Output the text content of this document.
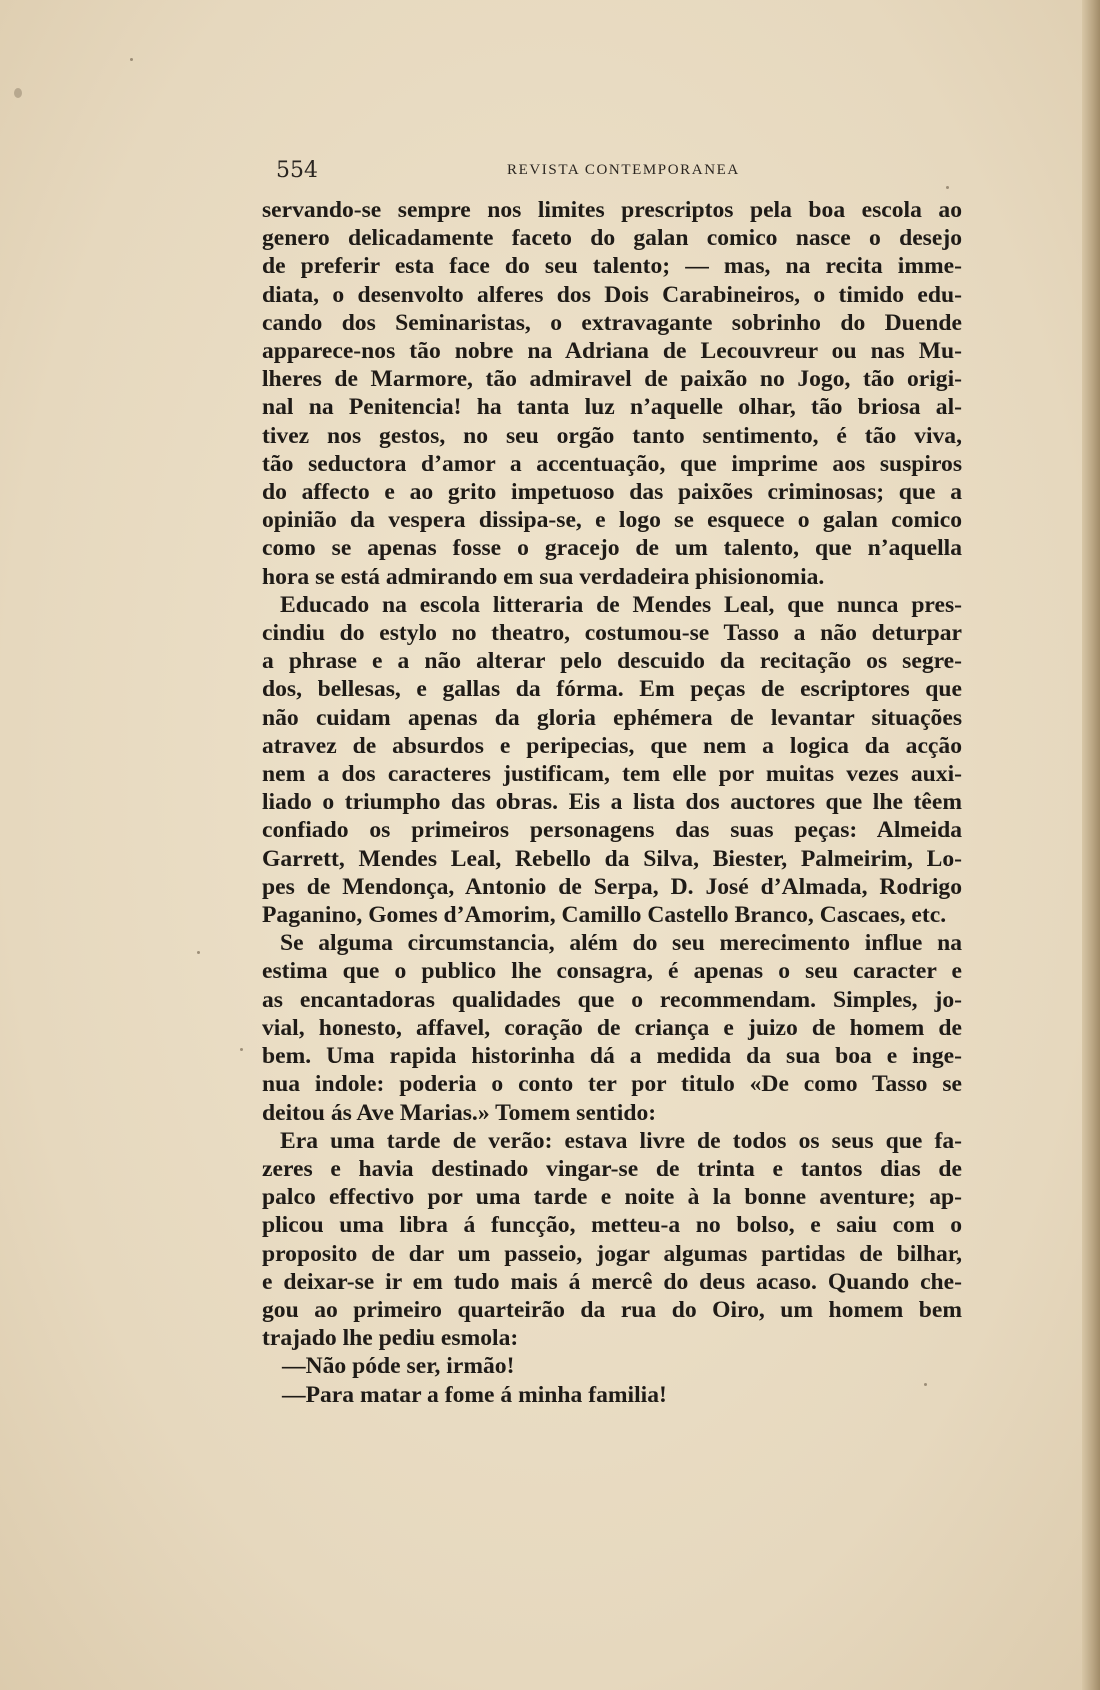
554	REVISTA CONTEMPORANEA
servando-se sempre nos limites prescriptos pela boa escola ao
genero delicadamente faceto do galan comico nasce o desejo
de preferir esta face do seu talento; — mas, na recita imme-
diata, o desenvolto alferes dos Dois Carabineiros, o timido edu-
cando dos Seminaristas, o extravagante sobrinho do Duende
apparece-nos tão nobre na Adriana de Lecouvreur ou nas Mu-
lheres de Marmore, tão admiravel de paixão no Jogo, tão origi-
nal na Penitencia! ha tanta luz n’aquelle olhar, tão briosa al-
tivez nos gestos, no seu orgão tanto sentimento, é tão viva,
tão seductora d’amor a accentuação, que imprime aos suspiros
do affecto e ao grito impetuoso das paixões criminosas; que a
opinião da vespera dissipa-se, e logo se esquece o galan comico
como se apenas fosse o gracejo de um talento, que n’aquella
hora se está admirando em sua verdadeira phisionomia.
Educado na escola litteraria de Mendes Leal, que nunca pres-
cindiu do estylo no theatro, costumou-se Tasso a não deturpar
a phrase e a não alterar pelo descuido da recitação os segre-
dos, bellesas, e gallas da fórma. Em peças de escriptores que
não cuidam apenas da gloria ephémera de levantar situações
atravez de absurdos e peripecias, que nem a logica da acção
nem a dos caracteres justificam, tem elle por muitas vezes auxi-
liado o triumpho das obras. Eis a lista dos auctores que lhe têem
confiado os primeiros personagens das suas peças: Almeida
Garrett, Mendes Leal, Rebello da Silva, Biester, Palmeirim, Lo-
pes de Mendonça, Antonio de Serpa, D. José d’Almada, Rodrigo
Paganino, Gomes d’Amorim, Camillo Castello Branco, Cascaes, etc.
Se alguma circumstancia, além do seu merecimento influe na
estima que o publico lhe consagra, é apenas o seu caracter e
as encantadoras qualidades que o recommendam. Simples, jo-
vial, honesto, affavel, coração de criança e juizo de homem de
bem. Uma rapida historinha dá a medida da sua boa e inge-
nua indole: poderia o conto ter por titulo «De como Tasso se
deitou ás Ave Marias.» Tomem sentido:
Era uma tarde de verão: estava livre de todos os seus que fa-
zeres e havia destinado vingar-se de trinta e tantos dias de
palco effectivo por uma tarde e noite à la bonne aventure; ap-
plicou uma libra á funcção, metteu-a no bolso, e saiu com o
proposito de dar um passeio, jogar algumas partidas de bilhar,
e deixar-se ir em tudo mais á mercê do deus acaso. Quando che-
gou ao primeiro quarteirão da rua do Oiro, um homem bem
trajado lhe pediu esmola:
—Não póde ser, irmão!
—Para matar a fome á minha familia!
